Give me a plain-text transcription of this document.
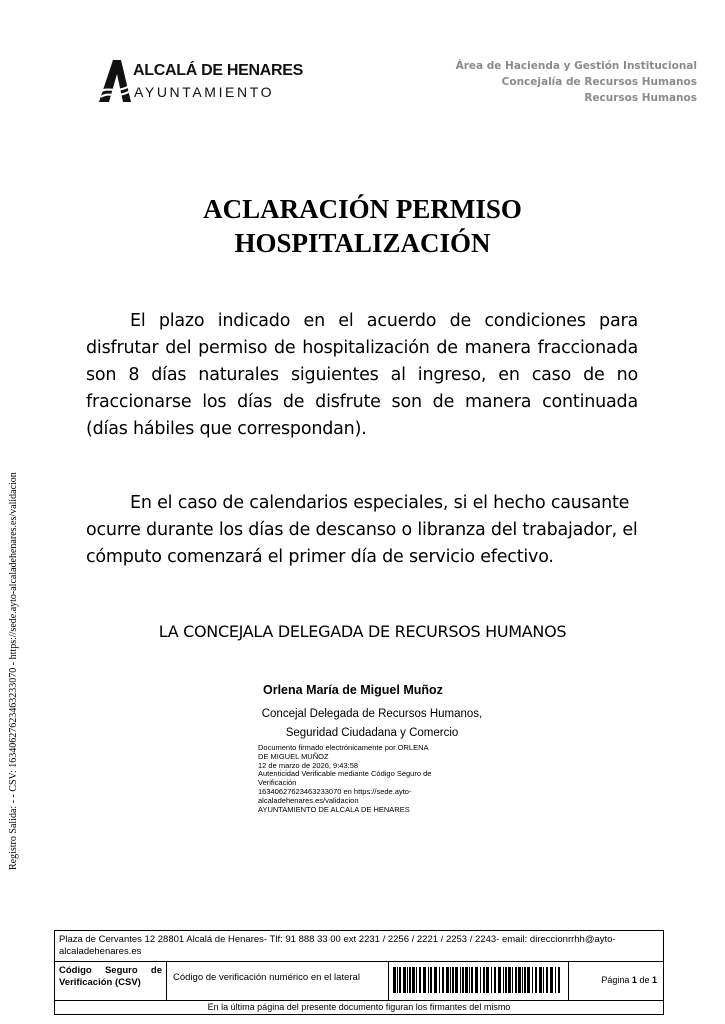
ALCALÁ DE HENARES
AYUNTAMIENTO
Área de Hacienda y Gestión Institucional
Concejalía de Recursos Humanos
Recursos Humanos
ACLARACIÓN PERMISO
HOSPITALIZACIÓN
El plazo indicado en el acuerdo de condiciones para disfrutar del permiso de hospitalización de manera fraccionada son 8 días naturales siguientes al ingreso, en caso de no fraccionarse los días de disfrute son de manera continuada (días hábiles que correspondan).
En el caso de calendarios especiales, si el hecho causante ocurre durante los días de descanso o libranza del trabajador, el cómputo comenzará el primer día de servicio efectivo.
LA CONCEJALA DELEGADA DE RECURSOS HUMANOS
Orlena María de Miguel Muñoz
Concejal Delegada de Recursos Humanos,
Seguridad Ciudadana y Comercio
Documento firmado electrónicamente por ORLENA DE MIGUEL MUÑOZ
12 de marzo de 2026, 9:43:58
Autenticidad Verificable mediante Código Seguro de Verificación
16340627623463233070 en https://sede.ayto-alcaladehenares.es/validacion
AYUNTAMIENTO DE ALCALA DE HENARES
Registro Salida: - - CSV: 16340627623463233070 - https://sede.ayto-alcaladehenares.es/validacion
Plaza de Cervantes 12 28801 Alcalá de Henares- Tlf: 91 888 33 00 ext 2231 / 2256 / 2221 / 2253 / 2243- email: direccionrrhh@ayto-alcaladehenares.es
Código Seguro de Verificación (CSV)	Código de verificación numérico en el lateral	Página 1 de 1
En la última página del presente documento figuran los firmantes del mismo
